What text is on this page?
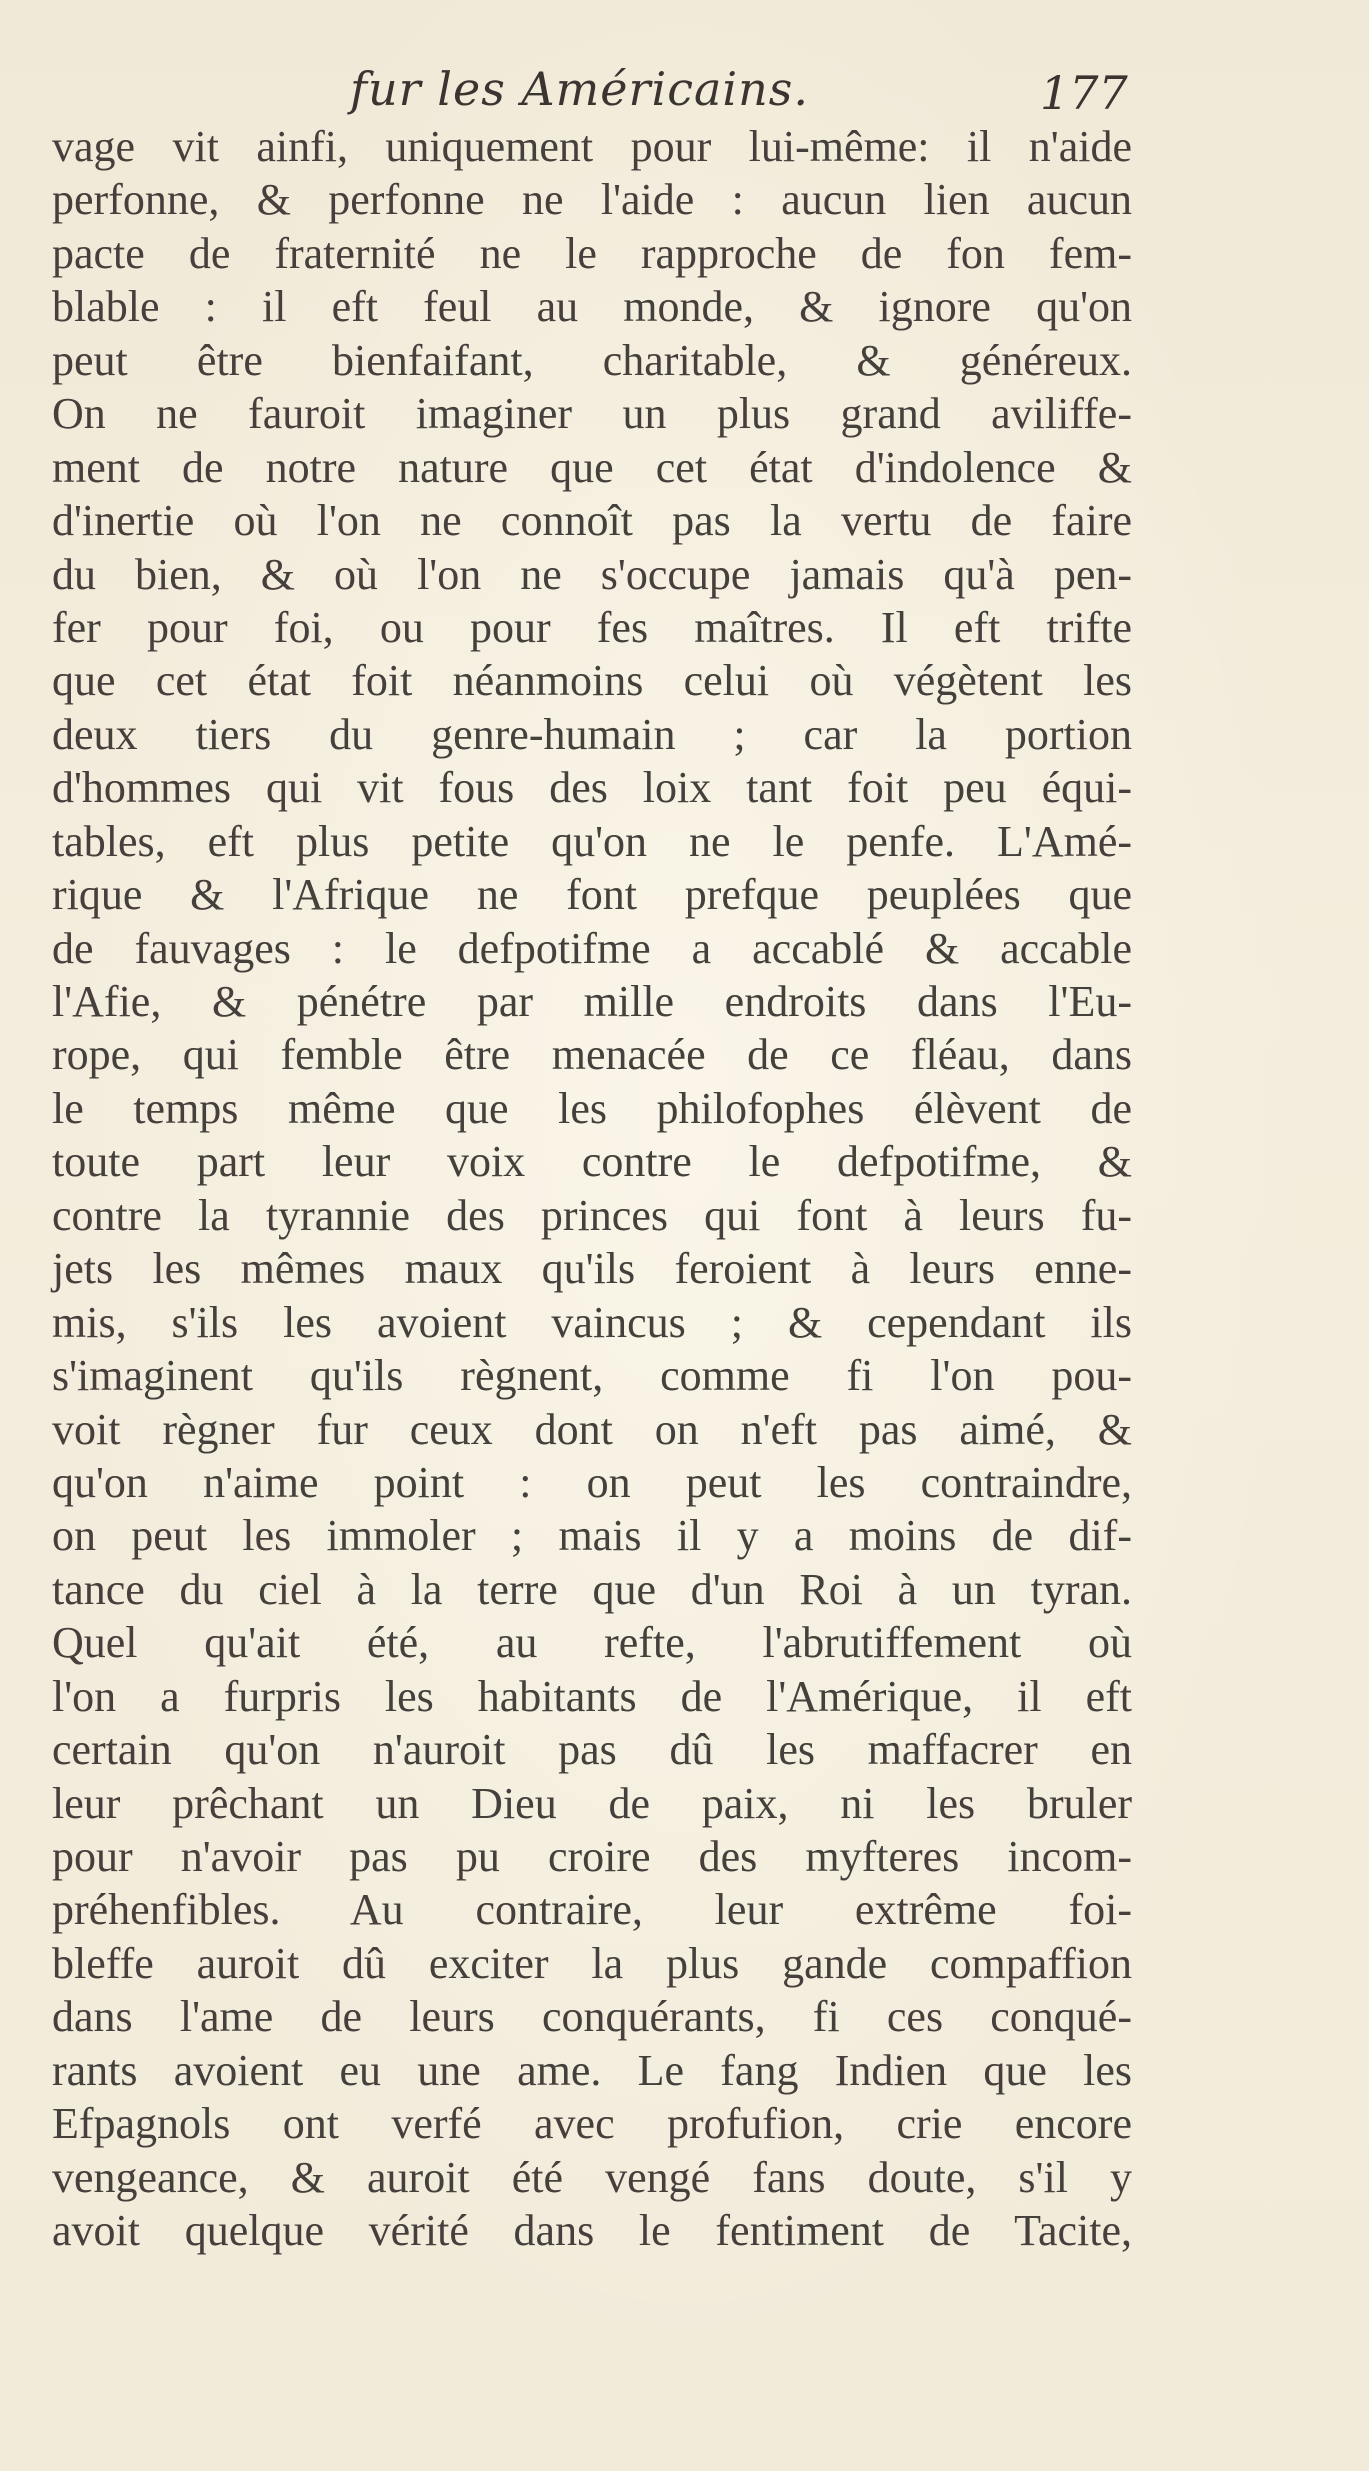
fur les Américains.	177
vage vit ainfi, uniquement pour lui-même: il n'aide
perfonne, & perfonne ne l'aide : aucun lien aucun
pacte de fraternité ne le rapproche de fon fem-
blable : il eft feul au monde, & ignore qu'on
peut être bienfaifant, charitable, & généreux.
On ne fauroit imaginer un plus grand aviliffe-
ment de notre nature que cet état d'indolence &
d'inertie où l'on ne connoît pas la vertu de faire
du bien, & où l'on ne s'occupe jamais qu'à pen-
fer pour foi, ou pour fes maîtres. Il eft trifte
que cet état foit néanmoins celui où végètent les
deux tiers du genre-humain ; car la portion
d'hommes qui vit fous des loix tant foit peu équi-
tables, eft plus petite qu'on ne le penfe. L'Amé-
rique & l'Afrique ne font prefque peuplées que
de fauvages : le defpotifme a accablé & accable
l'Afie, & pénétre par mille endroits dans l'Eu-
rope, qui femble être menacée de ce fléau, dans
le temps même que les philofophes élèvent de
toute part leur voix contre le defpotifme, &
contre la tyrannie des princes qui font à leurs fu-
jets les mêmes maux qu'ils feroient à leurs enne-
mis, s'ils les avoient vaincus ; & cependant ils
s'imaginent qu'ils règnent, comme fi l'on pou-
voit règner fur ceux dont on n'eft pas aimé, &
qu'on n'aime point : on peut les contraindre,
on peut les immoler ; mais il y a moins de dif-
tance du ciel à la terre que d'un Roi à un tyran.
Quel qu'ait été, au refte, l'abrutiffement où
l'on a furpris les habitants de l'Amérique, il eft
certain qu'on n'auroit pas dû les maffacrer en
leur prêchant un Dieu de paix, ni les bruler
pour n'avoir pas pu croire des myfteres incom-
préhenfibles. Au contraire, leur extrême foi-
bleffe auroit dû exciter la plus gande compaffion
dans l'ame de leurs conquérants, fi ces conqué-
rants avoient eu une ame. Le fang Indien que les
Efpagnols ont verfé avec profufion, crie encore
vengeance, & auroit été vengé fans doute, s'il y
avoit quelque vérité dans le fentiment de Tacite,
